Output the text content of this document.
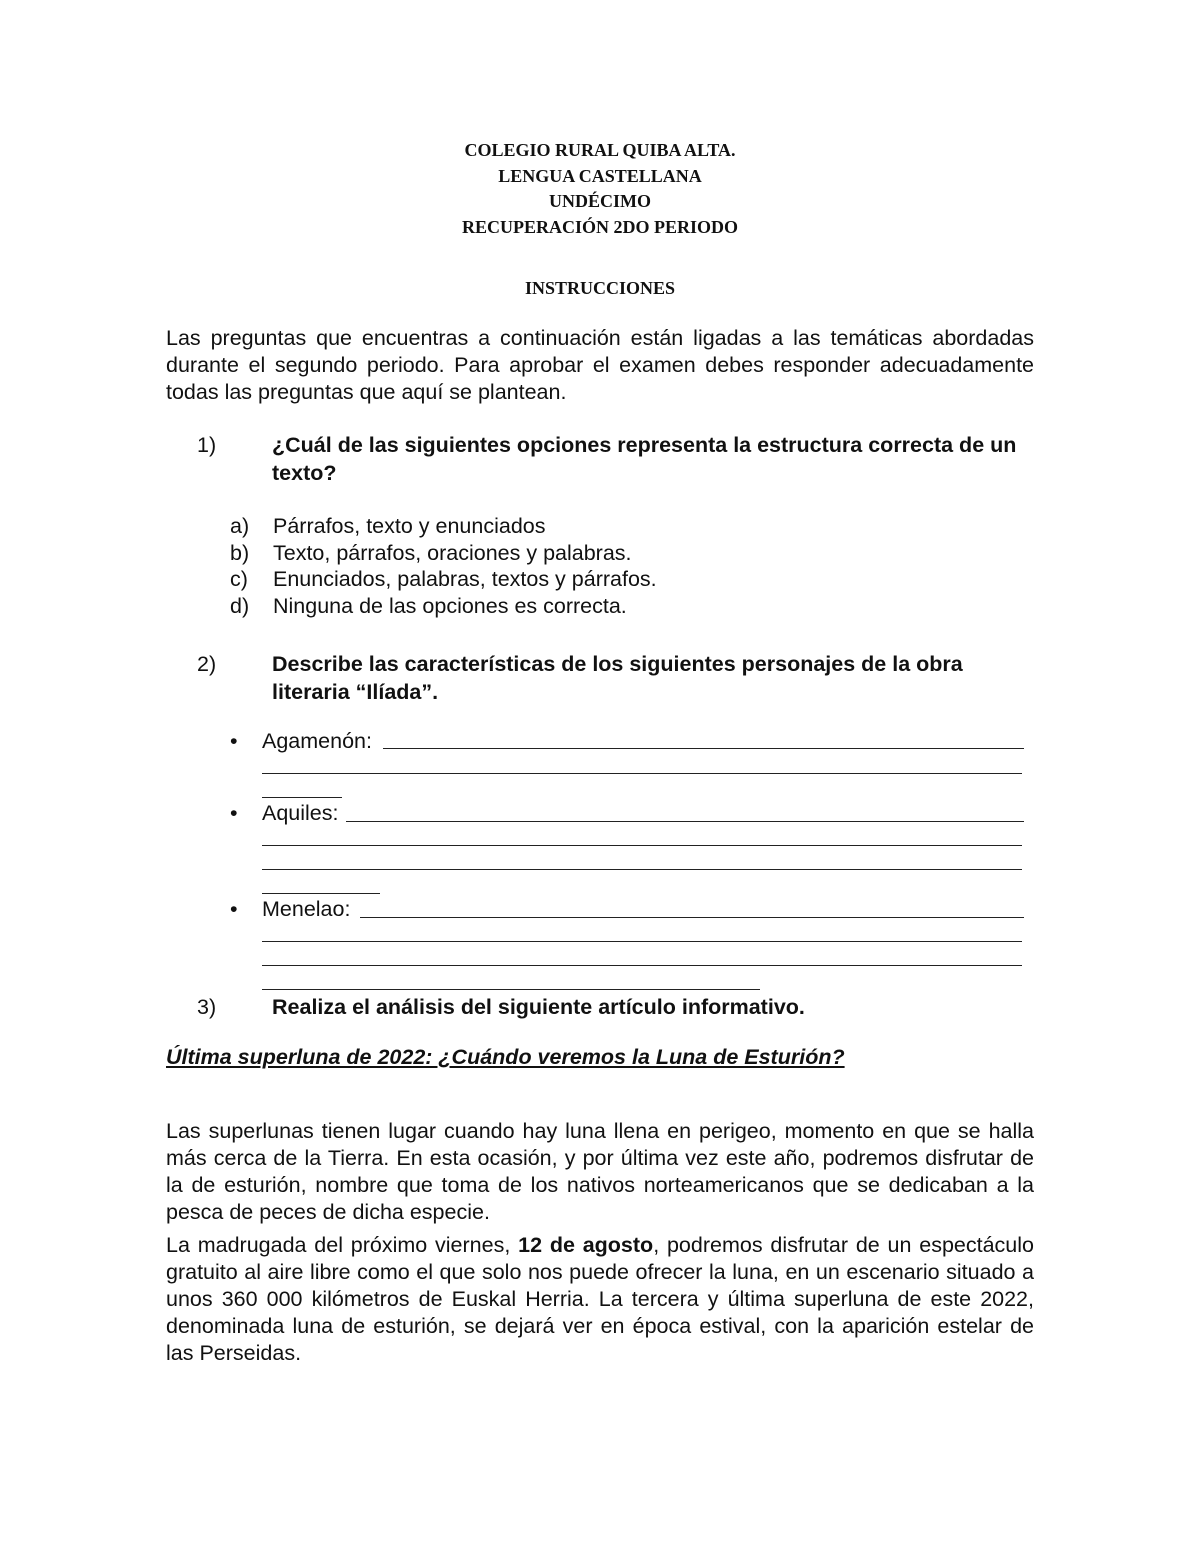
COLEGIO RURAL QUIBA ALTA.
LENGUA CASTELLANA
UNDÉCIMO
RECUPERACIÓN 2DO PERIODO
INSTRUCCIONES
Las preguntas que encuentras a continuación están ligadas a las temáticas abordadas durante el segundo periodo. Para aprobar el examen debes responder adecuadamente todas las preguntas que aquí se plantean.
1)	¿Cuál de las siguientes opciones representa la estructura correcta de un texto?
a)	Párrafos, texto y enunciados
b)	Texto, párrafos, oraciones y palabras.
c)	Enunciados, palabras, textos y párrafos.
d)	Ninguna de las opciones es correcta.
2)	Describe las características de los siguientes personajes de la obra literaria “Ilíada”.
• Agamenón:
• Aquiles:
• Menelao:
3)	Realiza el análisis del siguiente artículo informativo.
Última superluna de 2022: ¿Cuándo veremos la Luna de Esturión?
Las superlunas tienen lugar cuando hay luna llena en perigeo, momento en que se halla más cerca de la Tierra. En esta ocasión, y por última vez este año, podremos disfrutar de la de esturión, nombre que toma de los nativos norteamericanos que se dedicaban a la pesca de peces de dicha especie.
La madrugada del próximo viernes, 12 de agosto, podremos disfrutar de un espectáculo gratuito al aire libre como el que solo nos puede ofrecer la luna, en un escenario situado a unos 360 000 kilómetros de Euskal Herria. La tercera y última superluna de este 2022, denominada luna de esturión, se dejará ver en época estival, con la aparición estelar de las Perseidas.
